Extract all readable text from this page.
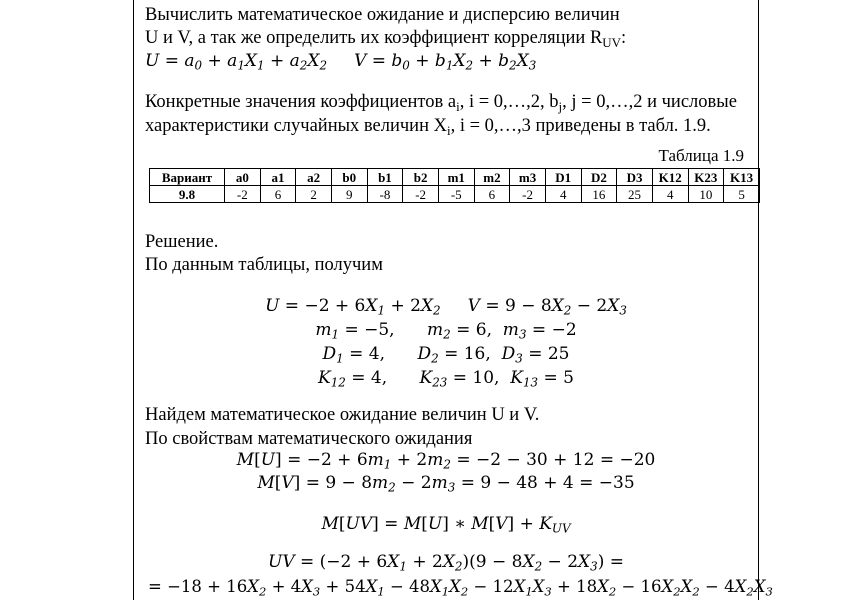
Вычислить математическое ожидание и дисперсию величин
U и V, а так же определить их коэффициент корреляции $R_{UV}$:
$U = a_0 + a_1X_1 + a_2X_2$     $V = b_0 + b_1X_2 + b_2X_3$
Конкретные значения коэффициентов $a_i$, i = 0,…,2, $b_j$, j = 0,…,2 и числовые
характеристики случайных величин $X_i$, i = 0,…,3 приведены в табл. 1.9.
Таблица 1.9
Вариант	a0	a1	a2	b0	b1	b2	m1	m2	m3	D1	D2	D3	K12	K23	K13
9.8	-2	6	2	9	-8	-2	-5	6	-2	4	16	25	4	10	5
Решение.
По данным таблицы, получим
$U = -2 + 6X_1 + 2X_2$     $V = 9 - 8X_2 - 2X_3$
$m_1 = -5$,      $m_2 = 6$,  $m_3 = -2$
$D_1 = 4$,      $D_2 = 16$,  $D_3 = 25$
$K_{12} = 4$,      $K_{23} = 10$,  $K_{13} = 5$
Найдем математическое ожидание величин U и V.
По свойствам математического ожидания
$M[U] = -2 + 6m_1 + 2m_2 = -2 - 30 + 12 = -20$
$M[V] = 9 - 8m_2 - 2m_3 = 9 - 48 + 4 = -35$
M[UV] = M[U] ∗ $M[V] + K_{UV}$
UV = $(-2 + 6X_1 + 2X_2)(9 - 8X_2 - 2X_3)$ =
= $-18 + 16X_2 + 4X_3 + 54X_1 - 48X_1X_2 - 12X_1X_3 + 18X_2 - 16X_2X_2 - 4X_2X_3$
